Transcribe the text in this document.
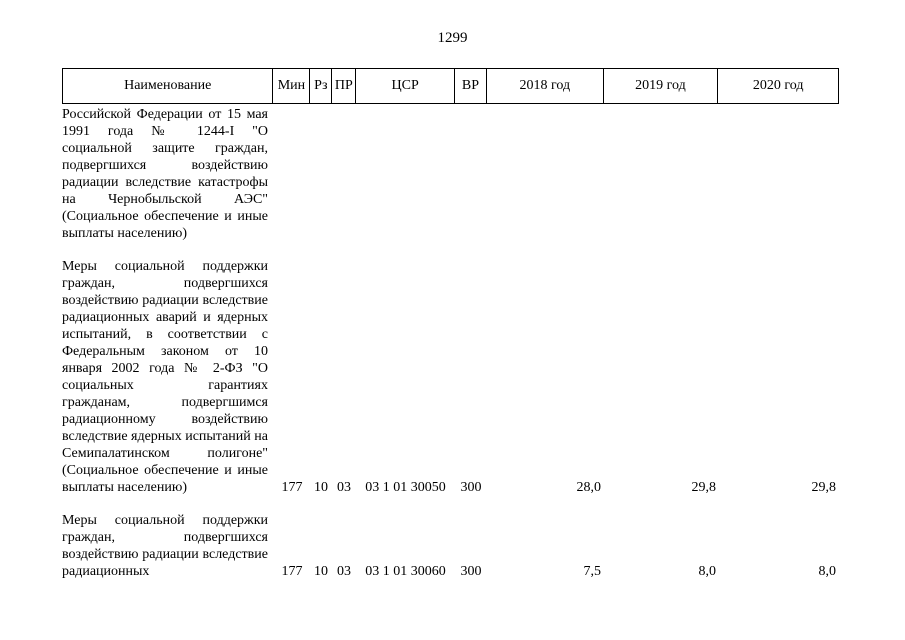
1299
Наименование	Мин Рз ПР	ЦСР	ВР	2018 год	2019 год	2020 год
Российской Федерации от 15 мая 1991 года № 1244-I "О социальной защите граждан, подвергшихся воздействию радиации вследствие катастрофы на Чернобыльской АЭС" (Социальное обеспечение и иные выплаты населению)
Меры социальной поддержки граждан, подвергшихся воздействию радиации вследствие радиационных аварий и ядерных испытаний, в соответствии с Федеральным законом от 10 января 2002 года № 2-ФЗ "О социальных гарантиях гражданам, подвергшимся радиационному воздействию вследствие ядерных испытаний на Семипалатинском полигоне" (Социальное обеспечение и иные выплаты населению)	177 10 03	03 1 01 30050	300	28,0	29,8	29,8
Меры социальной поддержки граждан, подвергшихся воздействию радиации вследствие радиационных	177 10 03	03 1 01 30060	300	7,5	8,0	8,0
